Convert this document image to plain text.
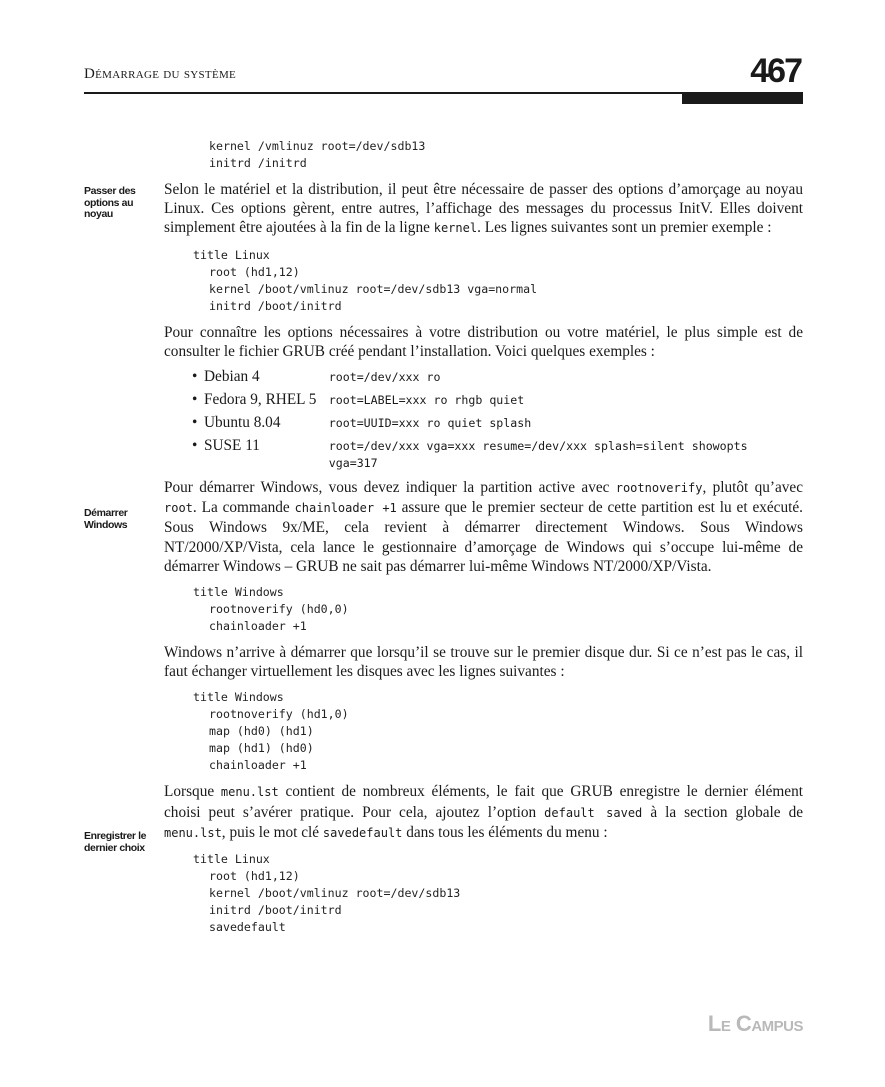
Démarrage du système	467
Passer des options au noyau
Démarrer Windows
Enregistrer le dernier choix
kernel /vmlinuz root=/dev/sdb13
initrd /initrd

Selon le matériel et la distribution, il peut être nécessaire de passer des options d’amorçage au noyau Linux. Ces options gèrent, entre autres, l’affichage des messages du processus InitV. Elles doivent simplement être ajoutées à la fin de la ligne kernel. Les lignes suivantes sont un premier exemple :

title Linux
root (hd1,12)
kernel /boot/vmlinuz root=/dev/sdb13 vga=normal
initrd /boot/initrd

Pour connaître les options nécessaires à votre distribution ou votre matériel, le plus simple est de consulter le fichier GRUB créé pendant l’installation. Voici quelques exemples :

• Debian 4	root=/dev/xxx ro
• Fedora 9, RHEL 5	root=LABEL=xxx ro rhgb quiet
• Ubuntu 8.04	root=UUID=xxx ro quiet splash
• SUSE 11	root=/dev/xxx vga=xxx resume=/dev/xxx splash=silent showopts vga=317

Pour démarrer Windows, vous devez indiquer la partition active avec rootnoverify, plutôt qu’avec root. La commande chainloader +1 assure que le premier secteur de cette partition est lu et exécuté. Sous Windows 9x/ME, cela revient à démarrer directement Windows. Sous Windows NT/2000/XP/Vista, cela lance le gestionnaire d’amorçage de Windows qui s’occupe lui-même de démarrer Windows – GRUB ne sait pas démarrer lui-même Windows NT/2000/XP/Vista.

title Windows
rootnoverify (hd0,0)
chainloader +1

Windows n’arrive à démarrer que lorsqu’il se trouve sur le premier disque dur. Si ce n’est pas le cas, il faut échanger virtuellement les disques avec les lignes suivantes :

title Windows
rootnoverify (hd1,0)
map (hd0) (hd1)
map (hd1) (hd0)
chainloader +1

Lorsque menu.lst contient de nombreux éléments, le fait que GRUB enregistre le dernier élément choisi peut s’avérer pratique. Pour cela, ajoutez l’option default saved à la section globale de menu.lst, puis le mot clé savedefault dans tous les éléments du menu :

title Linux
root (hd1,12)
kernel /boot/vmlinuz root=/dev/sdb13
initrd /boot/initrd
savedefault
Le Campus
